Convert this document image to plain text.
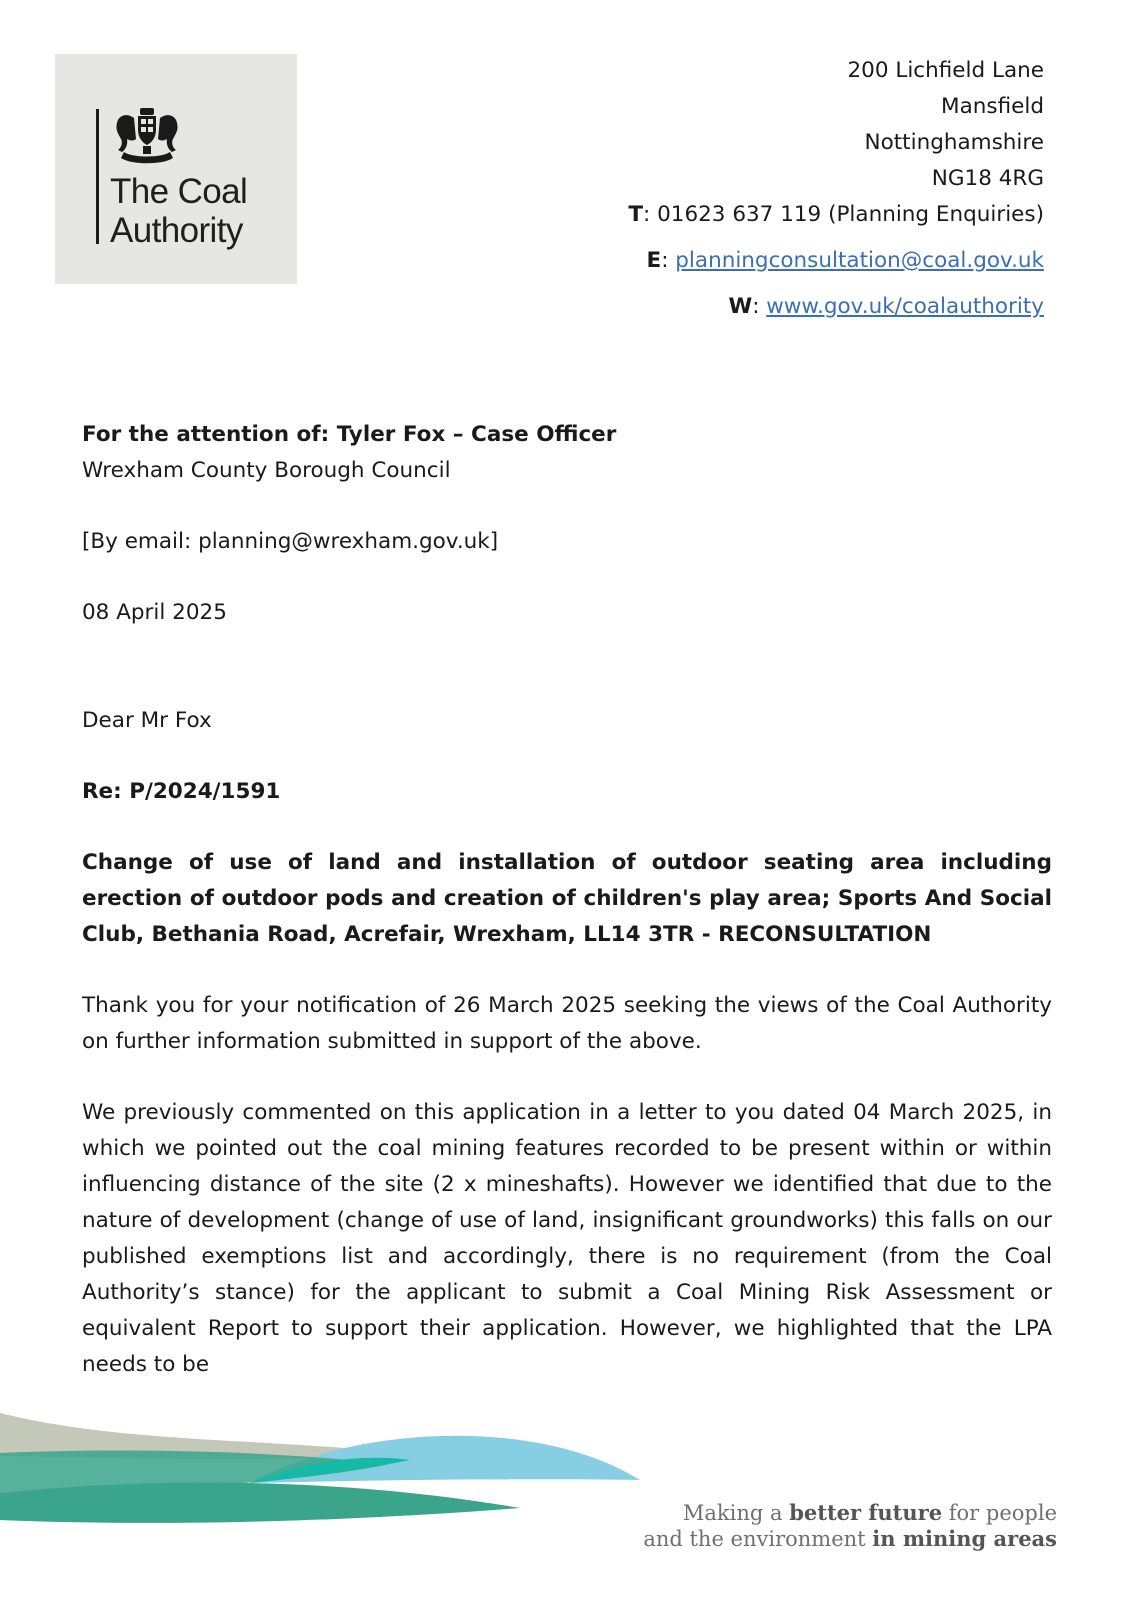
The Coal
Authority
200 Lichfield Lane
Mansfield
Nottinghamshire
NG18 4RG
T: 01623 637 119 (Planning Enquiries)
E: planningconsultation@coal.gov.uk
W: www.gov.uk/coalauthority
For the attention of: Tyler Fox – Case Officer
Wrexham County Borough Council
[By email: planning@wrexham.gov.uk]
08 April 2025
Dear Mr Fox
Re: P/2024/1591

Change of use of land and installation of outdoor seating area including erection of outdoor pods and creation of children's play area; Sports And Social Club, Bethania Road, Acrefair, Wrexham, LL14 3TR - RECONSULTATION

Thank you for your notification of 26 March 2025 seeking the views of the Coal Authority on further information submitted in support of the above.

We previously commented on this application in a letter to you dated 04 March 2025, in which we pointed out the coal mining features recorded to be present within or within influencing distance of the site (2 x mineshafts). However we identified that due to the nature of development (change of use of land, insignificant groundworks) this falls on our published exemptions list and accordingly, there is no requirement (from the Coal Authority’s stance) for the applicant to submit a Coal Mining Risk Assessment or equivalent Report to support their application. However, we highlighted that the LPA needs to be

Making a better future for people
and the environment in mining areas
